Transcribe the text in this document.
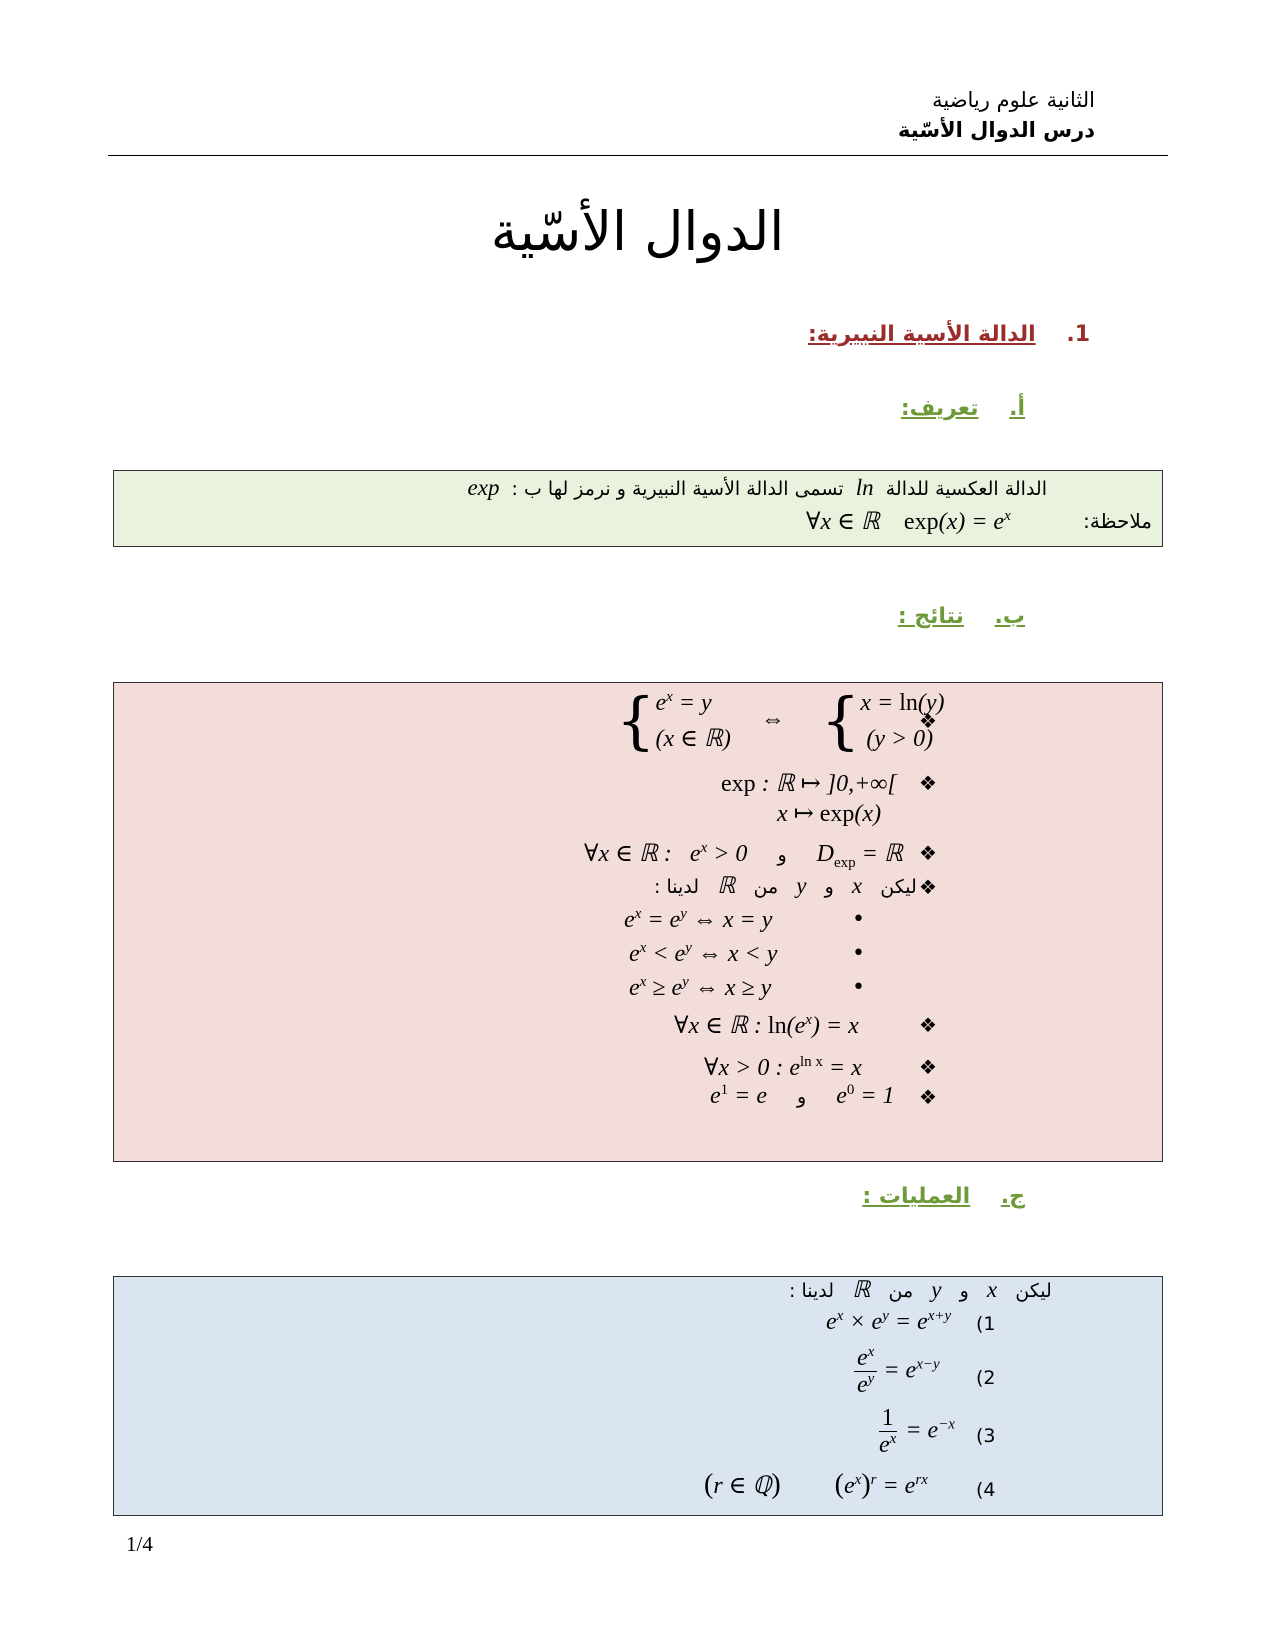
الثانية علوم رياضية
درس الدوال الأسّية
الدوال الأسّية
1.    الدالة الأسية النبيرية:
أ.    تعريف:
الدالة العكسية للدالة  ln  تسمى الدالة الأسية النبيرية و نرمز لها ب :  exp
ملاحظة:
∀x ∈ ℝ    $\exp(x) = e^x$
ب.    نتائج :
{$e^x = y$
(x ∈ ℝ)     ⇔ {x = ln(y)
(y > 0)
❖
exp : ℝ ↦ ]0,+∞[
x ↦ exp(x)
❖
∀x ∈ ℝ :   $e^x > 0$     و     $D_{exp}$ = ℝ ❖
لدينا : ℝ من y و x ليكن ❖
$e^x = e^y$ ⇔ x = y	•
$e^x < e^y$ ⇔ x < y	•
$e^x \ge e^y$ ⇔ x ≥ y	•
∀x ∈ ℝ : $\ln(e^x) = x$	❖
∀x > 0 : $e^{ln x} = x$	❖
$e^1 = e$     و     $e^0 = 1$ ❖
ج.    العمليات :
لدينا : ℝ من y و x ليكن
$e^x \times e^y = e^{x+y}$ (1
$\frac{e^x}{e^y} = e^{x-y}$
(2
$\frac{1}{e^x} = e^{-x}$
(3
(r ∈ ℚ) $(e^x)^r = e^{rx}$	(4
1/4
